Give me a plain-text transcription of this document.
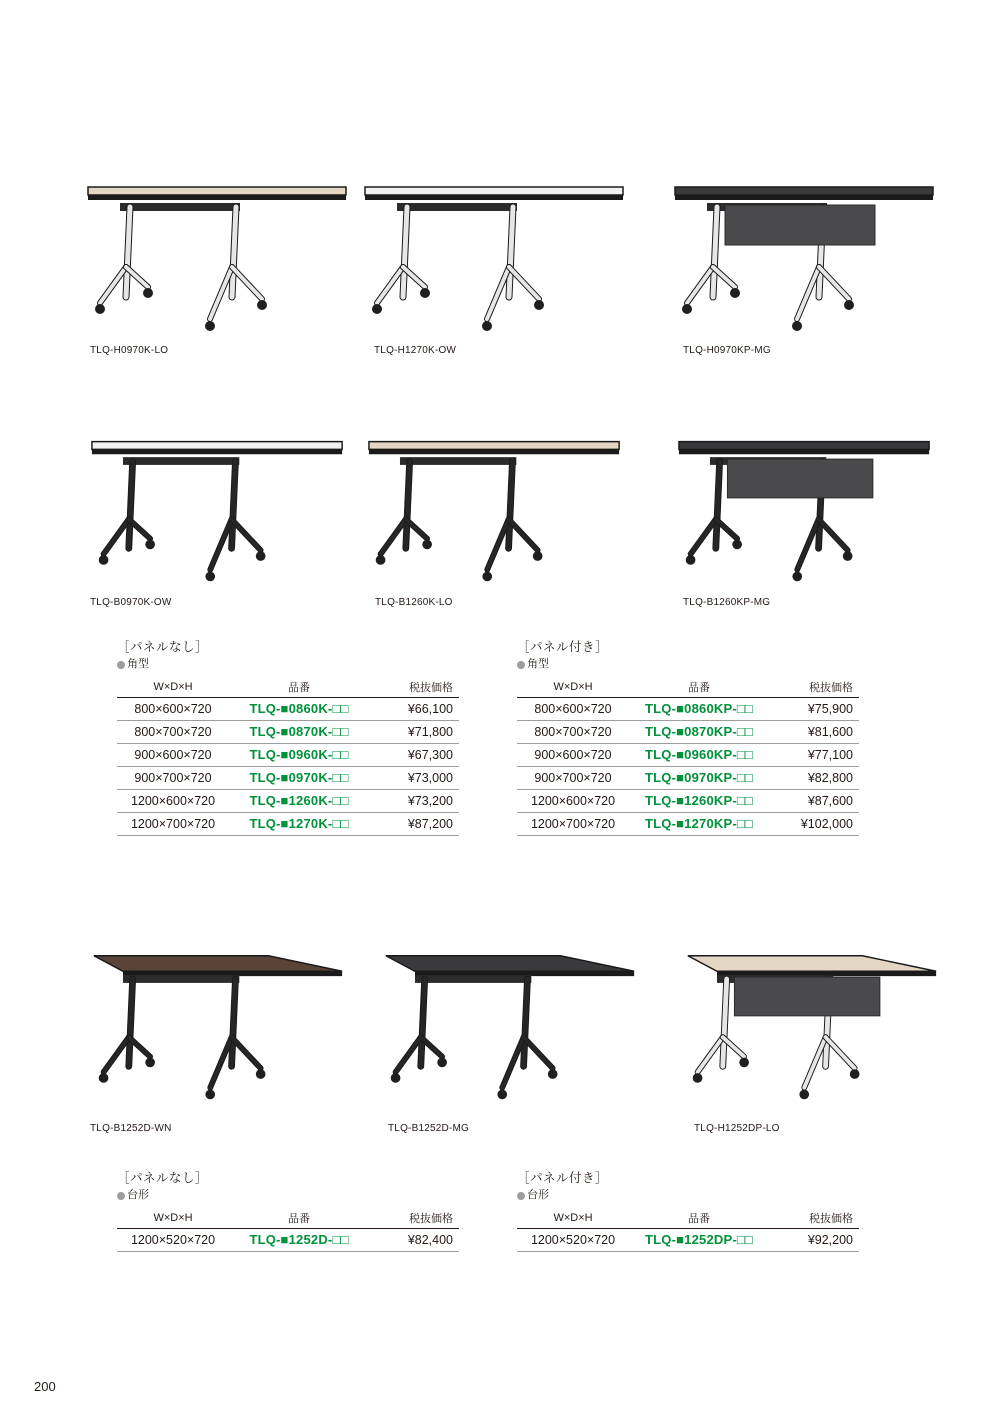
TLQ-H0970K-LO	TLQ-H1270K-OW	TLQ-H0970KP-MG
TLQ-B0970K-OW	TLQ-B1260K-LO	TLQ-B1260KP-MG
［パネルなし］
角型
W×D×H	品番	税抜価格
800×600×720	TLQ-■0860K-□□	¥66,100
800×700×720	TLQ-■0870K-□□	¥71,800
900×600×720	TLQ-■0960K-□□	¥67,300
900×700×720	TLQ-■0970K-□□	¥73,000
1200×600×720	TLQ-■1260K-□□	¥73,200
1200×700×720	TLQ-■1270K-□□	¥87,200
［パネル付き］
角型
W×D×H	品番	税抜価格
800×600×720	TLQ-■0860KP-□□	¥75,900
800×700×720	TLQ-■0870KP-□□	¥81,600
900×600×720	TLQ-■0960KP-□□	¥77,100
900×700×720	TLQ-■0970KP-□□	¥82,800
1200×600×720	TLQ-■1260KP-□□	¥87,600
1200×700×720	TLQ-■1270KP-□□	¥102,000
TLQ-B1252D-WN	TLQ-B1252D-MG	TLQ-H1252DP-LO
［パネルなし］
台形
W×D×H	品番	税抜価格
1200×520×720	TLQ-■1252D-□□	¥82,400
［パネル付き］
台形
W×D×H	品番	税抜価格
1200×520×720	TLQ-■1252DP-□□	¥92,200
200
